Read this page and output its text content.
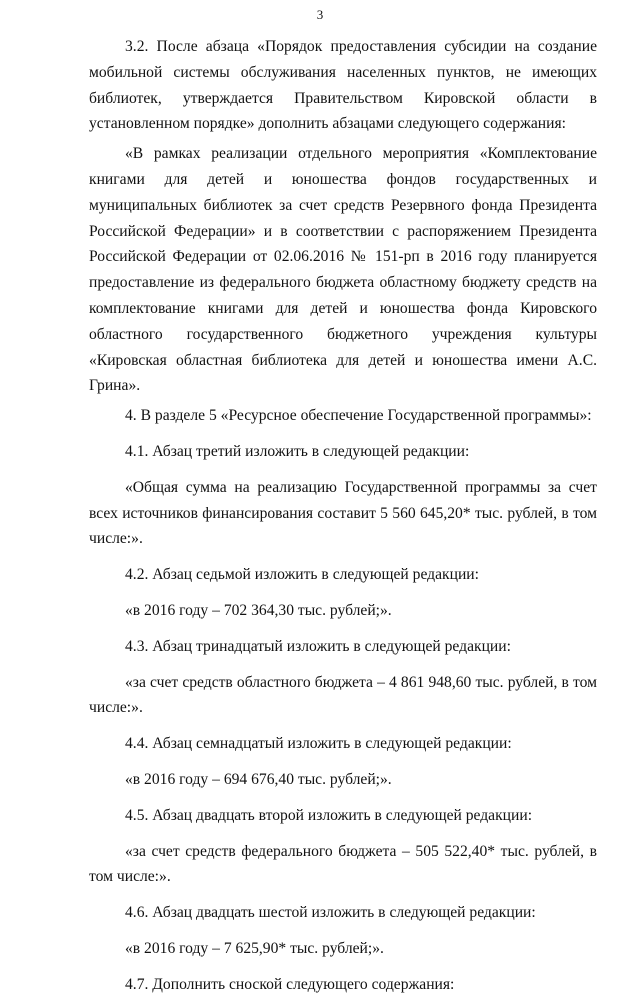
3

3.2. После абзаца «Порядок предоставления субсидии на создание мобильной системы обслуживания населенных пунктов, не имеющих библиотек, утверждается Правительством Кировской области в установленном порядке» дополнить абзацами следующего содержания:

«В рамках реализации отдельного мероприятия «Комплектование книгами для детей и юношества фондов государственных и муниципальных библиотек за счет средств Резервного фонда Президента Российской Федерации» и в соответствии с распоряжением Президента Российской Федерации от 02.06.2016 № 151-рп в 2016 году планируется предоставление из федерального бюджета областному бюджету средств на комплектование книгами для детей и юношества фонда Кировского областного государственного бюджетного учреждения культуры «Кировская областная библиотека для детей и юношества имени А.С. Грина».

4. В разделе 5 «Ресурсное обеспечение Государственной программы»:

4.1. Абзац третий изложить в следующей редакции:

«Общая сумма на реализацию Государственной программы за счет всех источников финансирования составит 5 560 645,20* тыс. рублей, в том числе:».

4.2. Абзац седьмой изложить в следующей редакции:

«в 2016 году – 702 364,30 тыс. рублей;».

4.3. Абзац тринадцатый изложить в следующей редакции:

«за счет средств областного бюджета – 4 861 948,60 тыс. рублей, в том числе:».

4.4. Абзац семнадцатый изложить в следующей редакции:

«в 2016 году – 694 676,40 тыс. рублей;».

4.5. Абзац двадцать второй изложить в следующей редакции:

«за счет средств федерального бюджета – 505 522,40* тыс. рублей, в том числе:».

4.6. Абзац двадцать шестой изложить в следующей редакции:

«в 2016 году – 7 625,90* тыс. рублей;».

4.7. Дополнить сноской следующего содержания:
